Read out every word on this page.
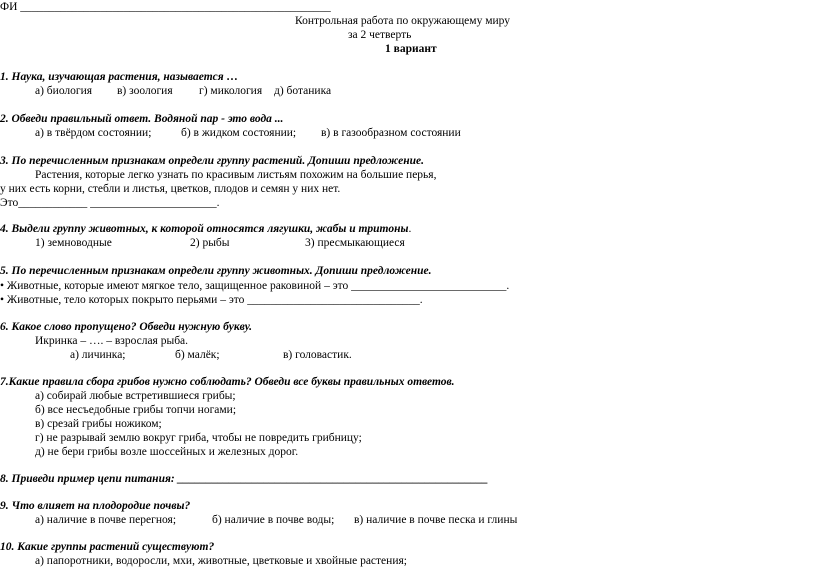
ФИ ______________________________________________________
Контрольная работа по окружающему миру
за 2 четверть
1 вариант
1. Наука, изучающая растения, называется …
а) биология в) зоология г) микология д) ботаника
2. Обведи правильный ответ. Водяной пар - это вода ...
а) в твёрдом состоянии;	б) в жидком состоянии; в) в газообразном состоянии
3. По перечисленным признакам определи группу растений. Допиши предложение.
Растения, которые легко узнать по красивым листьям похожим на большие перья,
у них есть корни, стебли и листья, цветков, плодов и семян у них нет.
Это____________ ______________________.
4. Выдели группу животных, к которой относятся лягушки, жабы и тритоны.
1) земноводные	2) рыбы	3) пресмыкающиеся
5. По перечисленным признакам определи группу животных. Допиши предложение.
• Животные, которые имеют мягкое тело, защищенное раковиной – это ___________________________.
• Животные, тело которых покрыто перьями – это ______________________________.
6. Какое слово пропущено? Обведи нужную букву.
Икринка – …. – взрослая рыба.
а) личинка;	б) малёк;	в) головастик.
7.Какие правила сбора грибов нужно соблюдать? Обведи все буквы правильных ответов.
а) собирай любые встретившиеся грибы;
б) все несъедобные грибы топчи ногами;
в) срезай грибы ножиком;
г) не разрывай землю вокруг гриба, чтобы не повредить грибницу;
д) не бери грибы возле шоссейных и железных дорог.
8. Приведи пример цепи питания: ______________________________________________________
9. Что влияет на плодородие почвы?
а) наличие в почве перегноя;	б) наличие в почве воды; в) наличие в почве песка и глины
10. Какие группы растений существуют?
а) папоротники, водоросли, мхи, животные, цветковые и хвойные растения;
